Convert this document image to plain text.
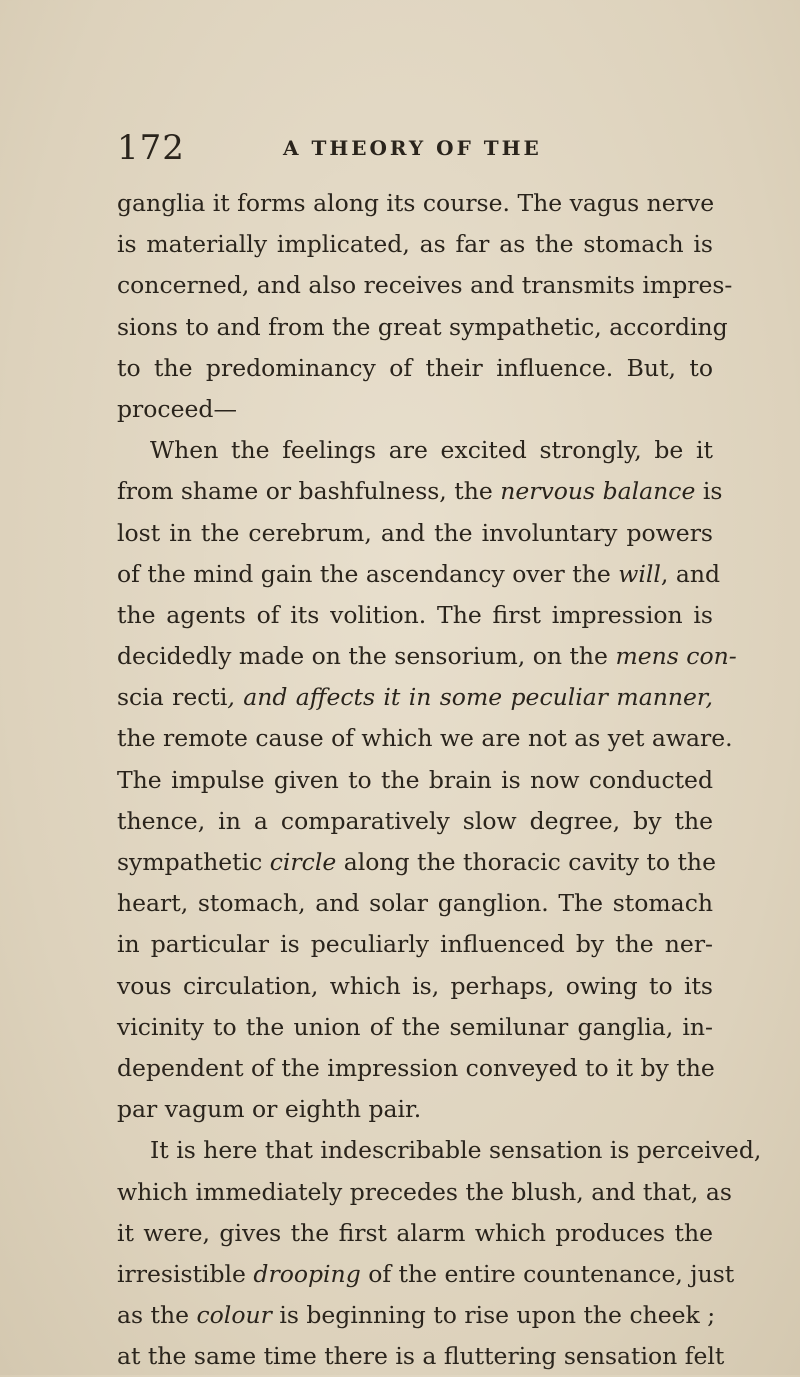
172	A THEORY OF THE
ganglia it forms along its course. The vagus nerve
is materially implicated, as far as the stomach is
concerned, and also receives and transmits impres-
sions to and from the great sympathetic, according
to the predominancy of their influence. But, to
proceed—
When the feelings are excited strongly, be it
from shame or bashfulness, the nervous balance is
lost in the cerebrum, and the involuntary powers
of the mind gain the ascendancy over the will, and
the agents of its volition. The first impression is
decidedly made on the sensorium, on the mens con-
scia recti, and affects it in some peculiar manner,
the remote cause of which we are not as yet aware.
The impulse given to the brain is now conducted
thence, in a comparatively slow degree, by the
sympathetic circle along the thoracic cavity to the
heart, stomach, and solar ganglion. The stomach
in particular is peculiarly influenced by the ner-
vous circulation, which is, perhaps, owing to its
vicinity to the union of the semilunar ganglia, in-
dependent of the impression conveyed to it by the
par vagum or eighth pair.
It is here that indescribable sensation is perceived,
which immediately precedes the blush, and that, as
it were, gives the first alarm which produces the
irresistible drooping of the entire countenance, just
as the colour is beginning to rise upon the cheek ;
at the same time there is a fluttering sensation felt
